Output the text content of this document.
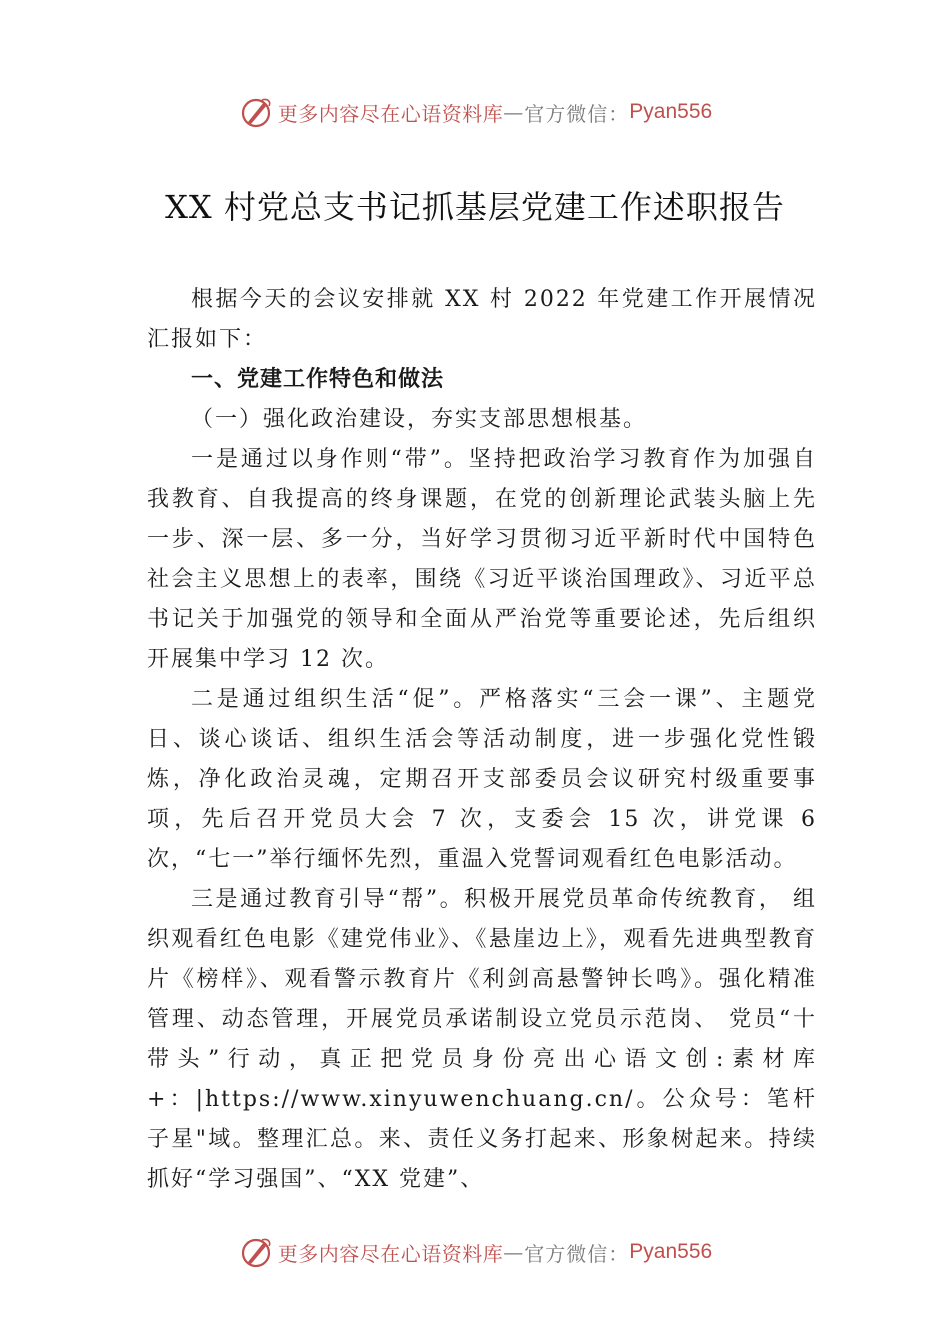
更多内容尽在心语资料库 — 官方微信： Pyan556
XX 村党总支书记抓基层党建工作述职报告

根据今天的会议安排就 XX 村 2022 年党建工作开展情况汇报如下：

一、党建工作特色和做法

（一）强化政治建设，夯实支部思想根基。

一是通过以身作则“带”。坚持把政治学习教育作为加强自我教育、自我提高的终身课题，在党的创新理论武装头脑上先一步、深一层、多一分，当好学习贯彻习近平新时代中国特色社会主义思想上的表率，围绕《习近平谈治国理政》、习近平总书记关于加强党的领导和全面从严治党等重要论述，先后组织开展集中学习 12 次。

二是通过组织生活“促”。严格落实“三会一课”、主题党日、谈心谈话、组织生活会等活动制度，进一步强化党性锻炼，净化政治灵魂，定期召开支部委员会议研究村级重要事项，先后召开党员大会 7 次，支委会 15 次，讲党课 6 次，“七一”举行缅怀先烈，重温入党誓词观看红色电影活动。

三是通过教育引导“帮”。积极开展党员革命传统教育， 组织观看红色电影《建党伟业》、《悬崖边上》，观看先进典型教育片《榜样》、观看警示教育片《利剑高悬警钟长鸣》。强化精准管理、动态管理，开展党员承诺制设立党员示范岗、 党员“十带头”行动，真正把党员身份亮出心语文创:素材库+：|https://www.xinyuwenchuang.cn/。公众号：笔杆子星"域。整理汇总。来、责任义务打起来、形象树起来。持续抓好“学习强国”、“XX 党建”、

更多内容尽在心语资料库 — 官方微信： Pyan556
